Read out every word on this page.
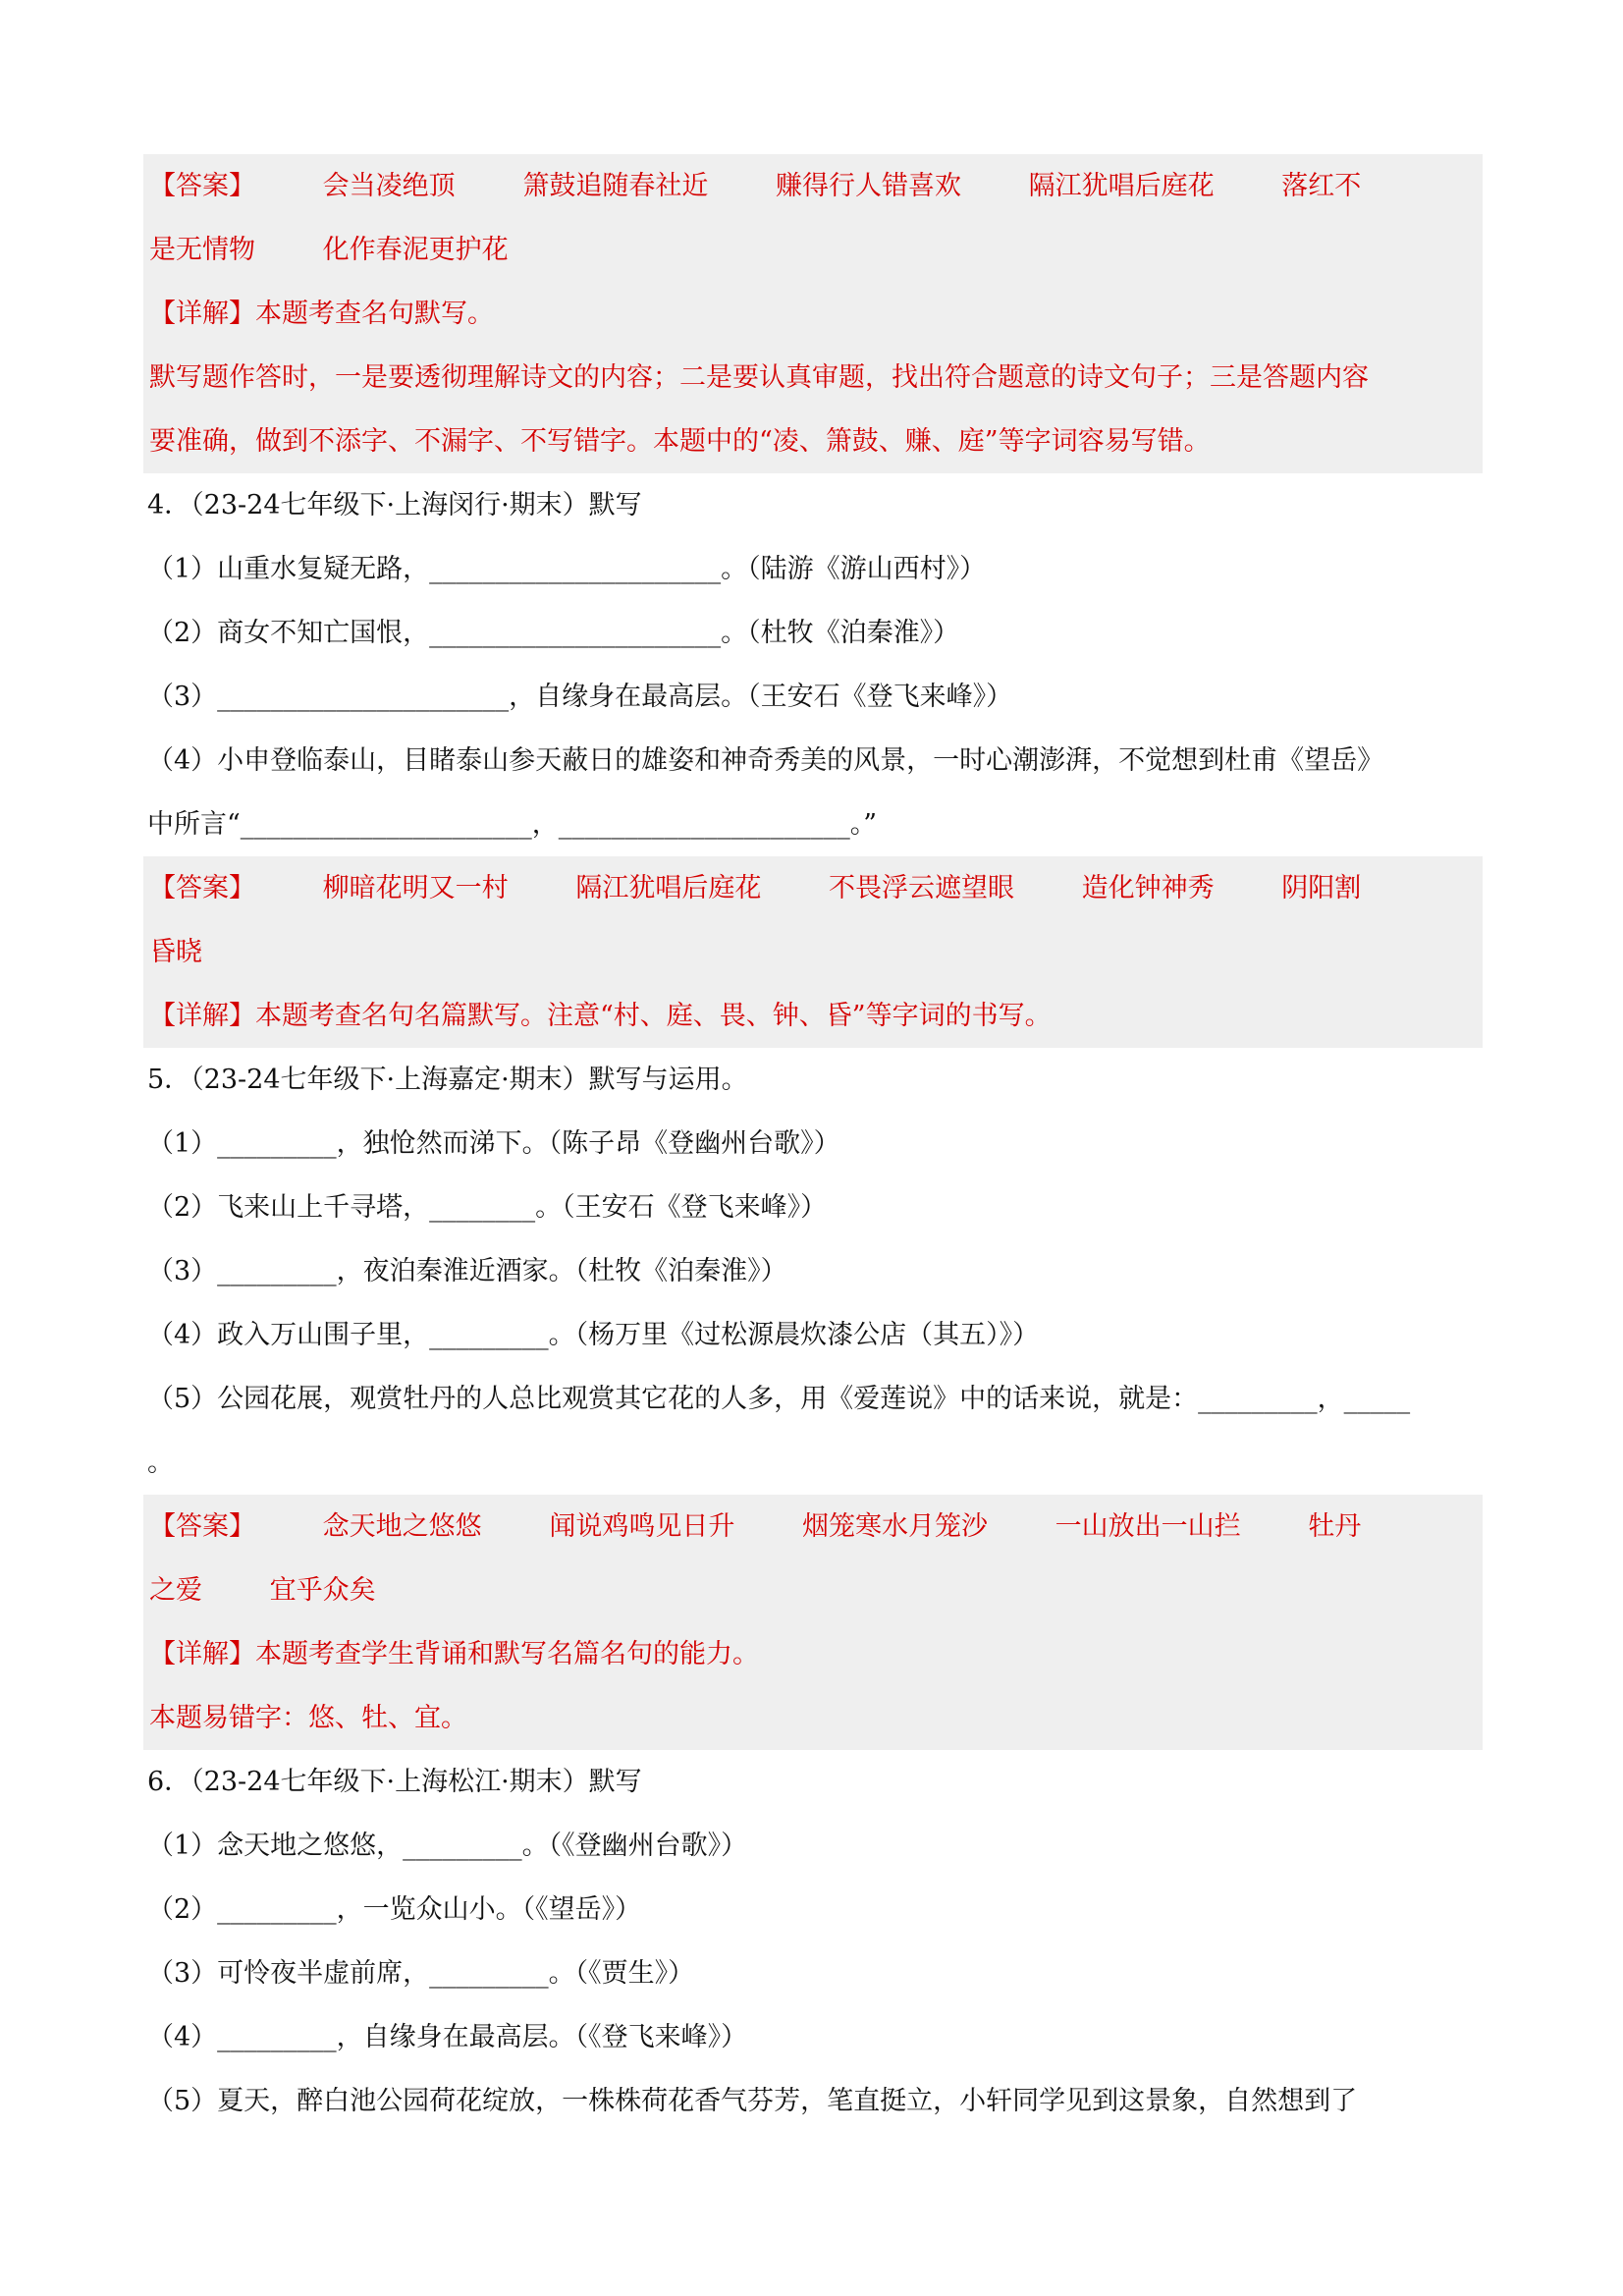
【答案】        会当凌绝顶        箫鼓追随春社近        赚得行人错喜欢        隔江犹唱后庭花        落红不
是无情物        化作春泥更护花
【详解】本题考查名句默写。
默写题作答时，一是要透彻理解诗文的内容；二是要认真审题，找出符合题意的诗文句子；三是答题内容
要准确，做到不添字、不漏字、不写错字。本题中的“凌、箫鼓、赚、庭”等字词容易写错。
4．（23-24七年级下·上海闵行·期末）默写
（1）山重水复疑无路，______________________。（陆游《游山西村》）
（2）商女不知亡国恨，______________________。（杜牧《泊秦淮》）
（3）______________________，自缘身在最高层。（王安石《登飞来峰》）
（4）小申登临泰山，目睹泰山参天蔽日的雄姿和神奇秀美的风景，一时心潮澎湃，不觉想到杜甫《望岳》
中所言“______________________，______________________。”
【答案】        柳暗花明又一村        隔江犹唱后庭花        不畏浮云遮望眼        造化钟神秀        阴阳割
昏晓
【详解】本题考查名句名篇默写。注意“村、庭、畏、钟、昏”等字词的书写。
5．（23-24七年级下·上海嘉定·期末）默写与运用。
（1）_________，独怆然而涕下。（陈子昂《登幽州台歌》）
（2）飞来山上千寻塔，________。（王安石《登飞来峰》）
（3）_________，夜泊秦淮近酒家。（杜牧《泊秦淮》）
（4）政入万山围子里，_________。（杨万里《过松源晨炊漆公店（其五）》）
（5）公园花展，观赏牡丹的人总比观赏其它花的人多，用《爱莲说》中的话来说，就是：_________，_____
。
【答案】        念天地之悠悠        闻说鸡鸣见日升        烟笼寒水月笼沙        一山放出一山拦        牡丹
之爱        宜乎众矣
【详解】本题考查学生背诵和默写名篇名句的能力。
本题易错字：悠、牡、宜。
6．（23-24七年级下·上海松江·期末）默写
（1）念天地之悠悠，_________。（《登幽州台歌》）
（2）_________，一览众山小。（《望岳》）
（3）可怜夜半虚前席，_________。（《贾生》）
（4）_________，自缘身在最高层。（《登飞来峰》）
（5）夏天，醉白池公园荷花绽放，一株株荷花香气芬芳，笔直挺立，小轩同学见到这景象，自然想到了
